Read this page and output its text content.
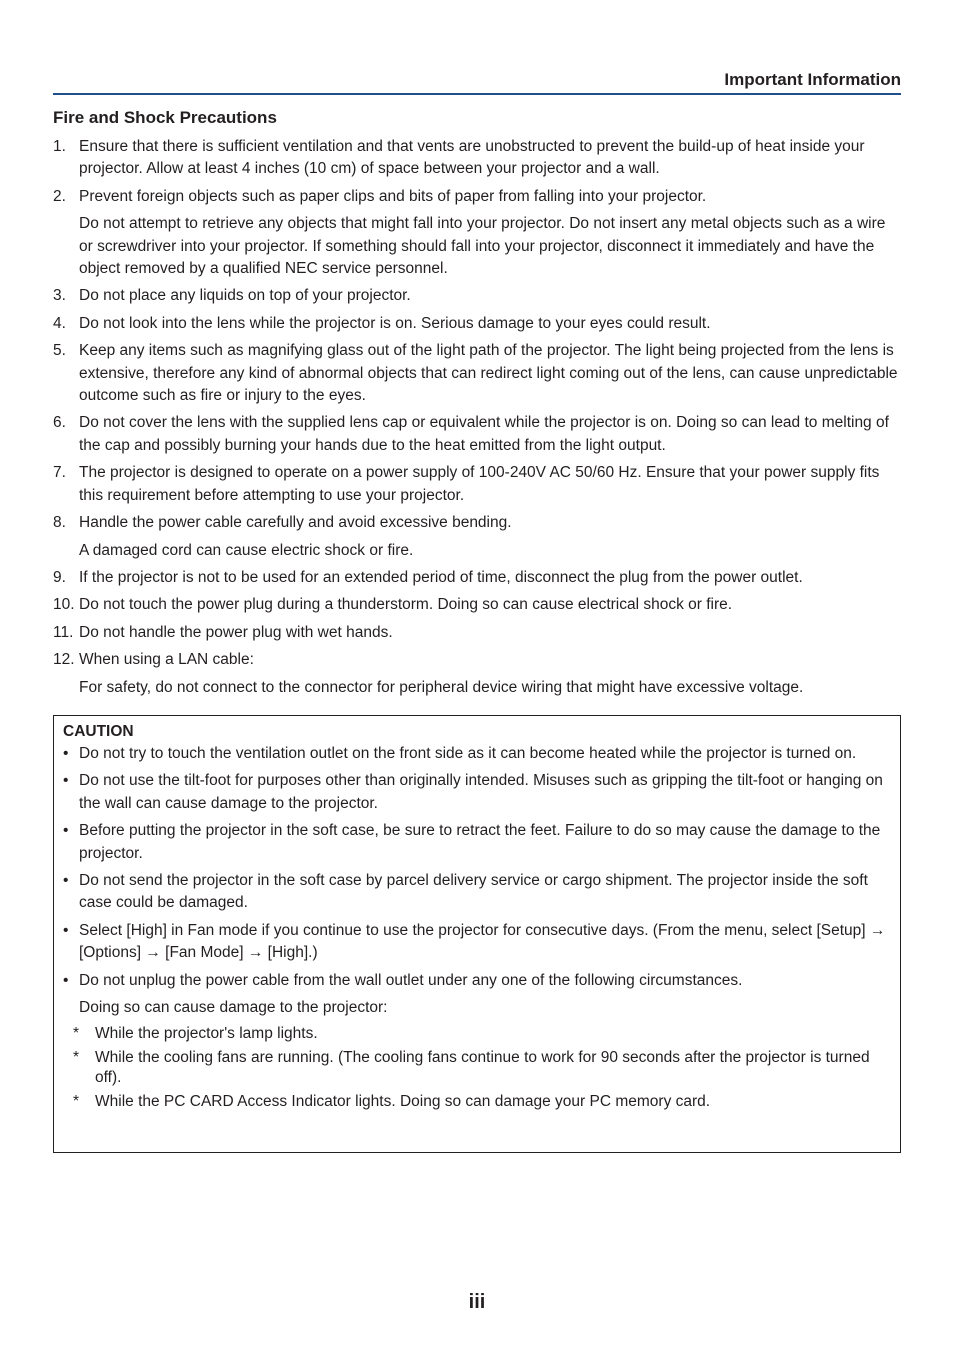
Important Information
Fire and Shock Precautions
1. Ensure that there is sufficient ventilation and that vents are unobstructed to prevent the build-up of heat inside your projector. Allow at least 4 inches (10 cm) of space between your projector and a wall.
2. Prevent foreign objects such as paper clips and bits of paper from falling into your projector.
Do not attempt to retrieve any objects that might fall into your projector. Do not insert any metal objects such as a wire or screwdriver into your projector. If something should fall into your projector, disconnect it immediately and have the object removed by a qualified NEC service personnel.
3. Do not place any liquids on top of your projector.
4. Do not look into the lens while the projector is on. Serious damage to your eyes could result.
5. Keep any items such as magnifying glass out of the light path of the projector. The light being projected from the lens is extensive, therefore any kind of abnormal objects that can redirect light coming out of the lens, can cause unpredictable outcome such as fire or injury to the eyes.
6. Do not cover the lens with the supplied lens cap or equivalent while the projector is on. Doing so can lead to melting of the cap and possibly burning your hands due to the heat emitted from the light output.
7. The projector is designed to operate on a power supply of 100-240V AC 50/60 Hz. Ensure that your power supply fits this requirement before attempting to use your projector.
8. Handle the power cable carefully and avoid excessive bending.
A damaged cord can cause electric shock or fire.
9. If the projector is not to be used for an extended period of time, disconnect the plug from the power outlet.
10. Do not touch the power plug during a thunderstorm. Doing so can cause electrical shock or fire.
11. Do not handle the power plug with wet hands.
12. When using a LAN cable:
For safety, do not connect to the connector for peripheral device wiring that might have excessive voltage.
CAUTION
• Do not try to touch the ventilation outlet on the front side as it can become heated while the projector is turned on.
• Do not use the tilt-foot for purposes other than originally intended. Misuses such as gripping the tilt-foot or hanging on the wall can cause damage to the projector.
• Before putting the projector in the soft case, be sure to retract the feet. Failure to do so may cause the damage to the projector.
• Do not send the projector in the soft case by parcel delivery service or cargo shipment. The projector inside the soft case could be damaged.
• Select [High] in Fan mode if you continue to use the projector for consecutive days. (From the menu, select [Setup] → [Options] → [Fan Mode] → [High].)
• Do not unplug the power cable from the wall outlet under any one of the following circumstances.
Doing so can cause damage to the projector:
* While the projector's lamp lights.
* While the cooling fans are running. (The cooling fans continue to work for 90 seconds after the projector is turned off).
* While the PC CARD Access Indicator lights. Doing so can damage your PC memory card.
iii
